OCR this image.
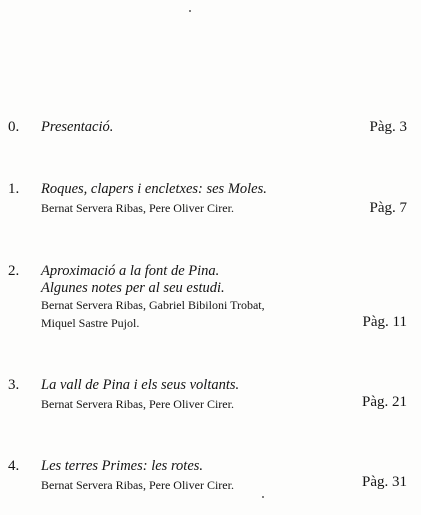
0. Presentació.	Pàg. 3
1. Roques, clapers i encletxes: ses Moles.
Bernat Servera Ribas, Pere Oliver Cirer.	Pàg. 7
2. Aproximació a la font de Pina.
Algunes notes per al seu estudi.
Bernat Servera Ribas, Gabriel Bibiloni Trobat,
Miquel Sastre Pujol.	Pàg. 11
3. La vall de Pina i els seus voltants.
Bernat Servera Ribas, Pere Oliver Cirer.	Pàg. 21
4. Les terres Primes: les rotes.
Bernat Servera Ribas, Pere Oliver Cirer.	Pàg. 31
